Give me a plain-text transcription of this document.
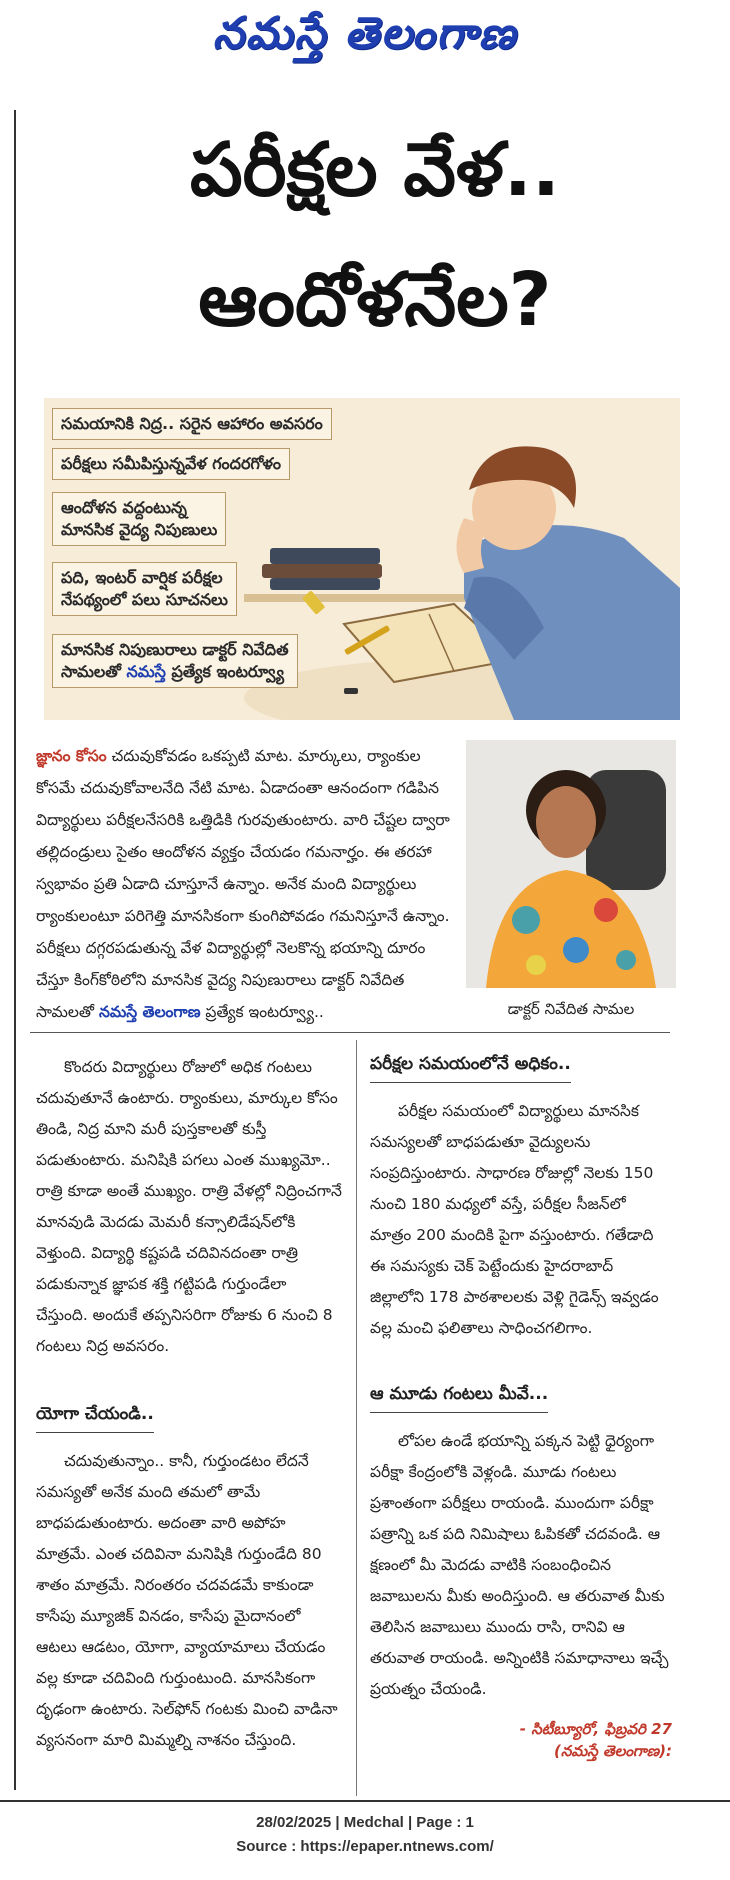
నమస్తే తెలంగాణ
పరీక్షల వేళ..
ఆందోళనేల?
సమయానికి నిద్ర.. సరైన ఆహారం అవసరం
పరీక్షలు సమీపిస్తున్నవేళ గందరగోళం
ఆందోళన వద్దంటున్న
మానసిక వైద్య నిపుణులు
పది, ఇంటర్ వార్షిక పరీక్షల
నేపథ్యంలో పలు సూచనలు
మానసిక నిపుణురాలు డాక్టర్ నివేదిత
సామలతో నమస్తే ప్రత్యేక ఇంటర్వ్యూ
జ్ఞానం కోసం చదువుకోవడం ఒకప్పటి మాట. మార్కులు, ర్యాంకుల కోసమే చదువుకోవాలనేది నేటి మాట. ఏడాదంతా ఆనందంగా గడిపిన విద్యార్థులు పరీక్షలనేసరికి ఒత్తిడికి గురవుతుంటారు. వారి చేష్టల ద్వారా తల్లిదండ్రులు సైతం ఆందోళన వ్యక్తం చేయడం గమనార్హం. ఈ తరహా స్వభావం ప్రతి ఏడాది చూస్తూనే ఉన్నాం. అనేక మంది విద్యార్థులు ర్యాంకులంటూ పరిగెత్తి మానసికంగా కుంగిపోవడం గమనిస్తూనే ఉన్నాం. పరీక్షలు దగ్గరపడుతున్న వేళ విద్యార్థుల్లో నెలకొన్న భయాన్ని దూరం చేస్తూ కింగ్‌కోఠిలోని మానసిక వైద్య నిపుణురాలు డాక్టర్ నివేదిత సామలతో నమస్తే తెలంగాణ ప్రత్యేక ఇంటర్వ్యూ..	డాక్టర్ నివేదిత సామల

కొందరు విద్యార్థులు రోజులో అధిక గంటలు చదువుతూనే ఉంటారు. ర్యాంకులు, మార్కుల కోసం తిండి, నిద్ర మాని మరీ పుస్తకాలతో కుస్తీ పడుతుంటారు. మనిషికి పగలు ఎంత ముఖ్యమో.. రాత్రి కూడా అంతే ముఖ్యం. రాత్రి వేళల్లో నిద్రించగానే మానవుడి మెదడు మెమరీ కన్సాలిడేషన్‌లోకి వెళ్తుంది. విద్యార్థి కష్టపడి చదివినదంతా రాత్రి పడుకున్నాక జ్ఞాపక శక్తి గట్టిపడి గుర్తుండేలా చేస్తుంది. అందుకే తప్పనిసరిగా రోజుకు 6 నుంచి 8 గంటలు నిద్ర అవసరం.

యోగా చేయండి..

చదువుతున్నాం.. కానీ, గుర్తుండటం లేదనే సమస్యతో అనేక మంది తమలో తామే బాధపడుతుంటారు. అదంతా వారి అపోహ మాత్రమే. ఎంత చదివినా మనిషికి గుర్తుండేది 80 శాతం మాత్రమే. నిరంతరం చదవడమే కాకుండా కాసేపు మ్యూజిక్ వినడం, కాసేపు మైదానంలో ఆటలు ఆడటం, యోగా, వ్యాయామాలు చేయడం వల్ల కూడా చదివింది గుర్తుంటుంది. మానసికంగా దృఢంగా ఉంటారు. సెల్‌ఫోన్ గంటకు మించి వాడినా వ్యసనంగా మారి మిమ్మల్ని నాశనం చేస్తుంది.

పరీక్షల సమయంలోనే అధికం..

పరీక్షల సమయంలో విద్యార్థులు మానసిక సమస్యలతో బాధపడుతూ వైద్యులను సంప్రదిస్తుంటారు. సాధారణ రోజుల్లో నెలకు 150 నుంచి 180 మధ్యలో వస్తే, పరీక్షల సీజన్‌లో మాత్రం 200 మందికి పైగా వస్తుంటారు. గతేడాది ఈ సమస్యకు చెక్ పెట్టేందుకు హైదరాబాద్ జిల్లాలోని 178 పాఠశాలలకు వెళ్లి గైడెన్స్ ఇవ్వడం వల్ల మంచి ఫలితాలు సాధించగలిగాం.

ఆ మూడు గంటలు మీవే...

లోపల ఉండే భయాన్ని పక్కన పెట్టి ధైర్యంగా పరీక్షా కేంద్రంలోకి వెళ్లండి. మూడు గంటలు ప్రశాంతంగా పరీక్షలు రాయండి. ముందుగా పరీక్షా పత్రాన్ని ఒక పది నిమిషాలు ఓపికతో చదవండి. ఆ క్షణంలో మీ మెదడు వాటికి సంబంధించిన జవాబులను మీకు అందిస్తుంది. ఆ తరువాత మీకు తెలిసిన జవాబులు ముందు రాసి, రానివి ఆ తరువాత రాయండి. అన్నింటికి సమాధానాలు ఇచ్చే ప్రయత్నం చేయండి.

- సిటీబ్యూరో, ఫిబ్రవరి 27
(నమస్తే తెలంగాణ):
28/02/2025 | Medchal | Page : 1
Source : https://epaper.ntnews.com/
